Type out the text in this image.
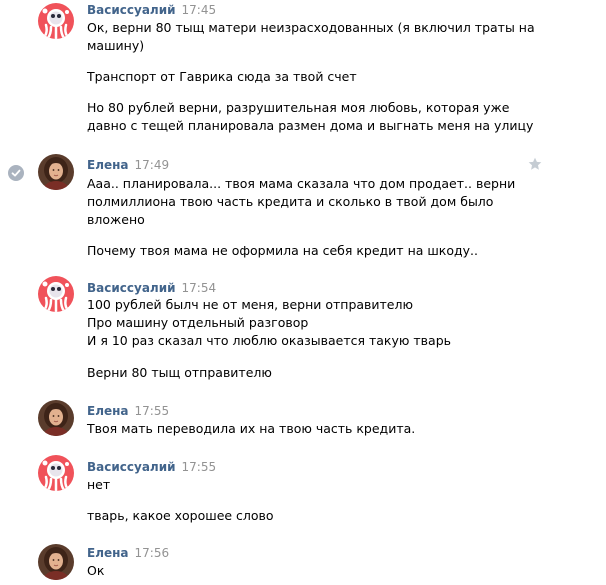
Васиссуалий 17:45
Ок, верни 80 тыщ матери неизрасходованных (я включил траты на
машину)
Транспорт от Гаврика сюда за твой счет
Но 80 рублей верни, разрушительная моя любовь, которая уже
давно с тещей планировала размен дома и выгнать меня на улицу
Елена 17:49
Ааа.. планировала... твоя мама сказала что дом продает.. верни
полмиллиона твою часть кредита и сколько в твой дом было
вложено
Почему твоя мама не оформила на себя кредит на шкоду..
Васиссуалий 17:54
100 рублей былч не от меня, верни отправителю
Про машину отдельный разговор
И я 10 раз сказал что люблю оказывается такую тварь
Верни 80 тыщ отправителю
Елена 17:55
Твоя мать переводила их на твою часть кредита.
Васиссуалий 17:55
нет
тварь, какое хорошее слово
Елена 17:56
Ок
